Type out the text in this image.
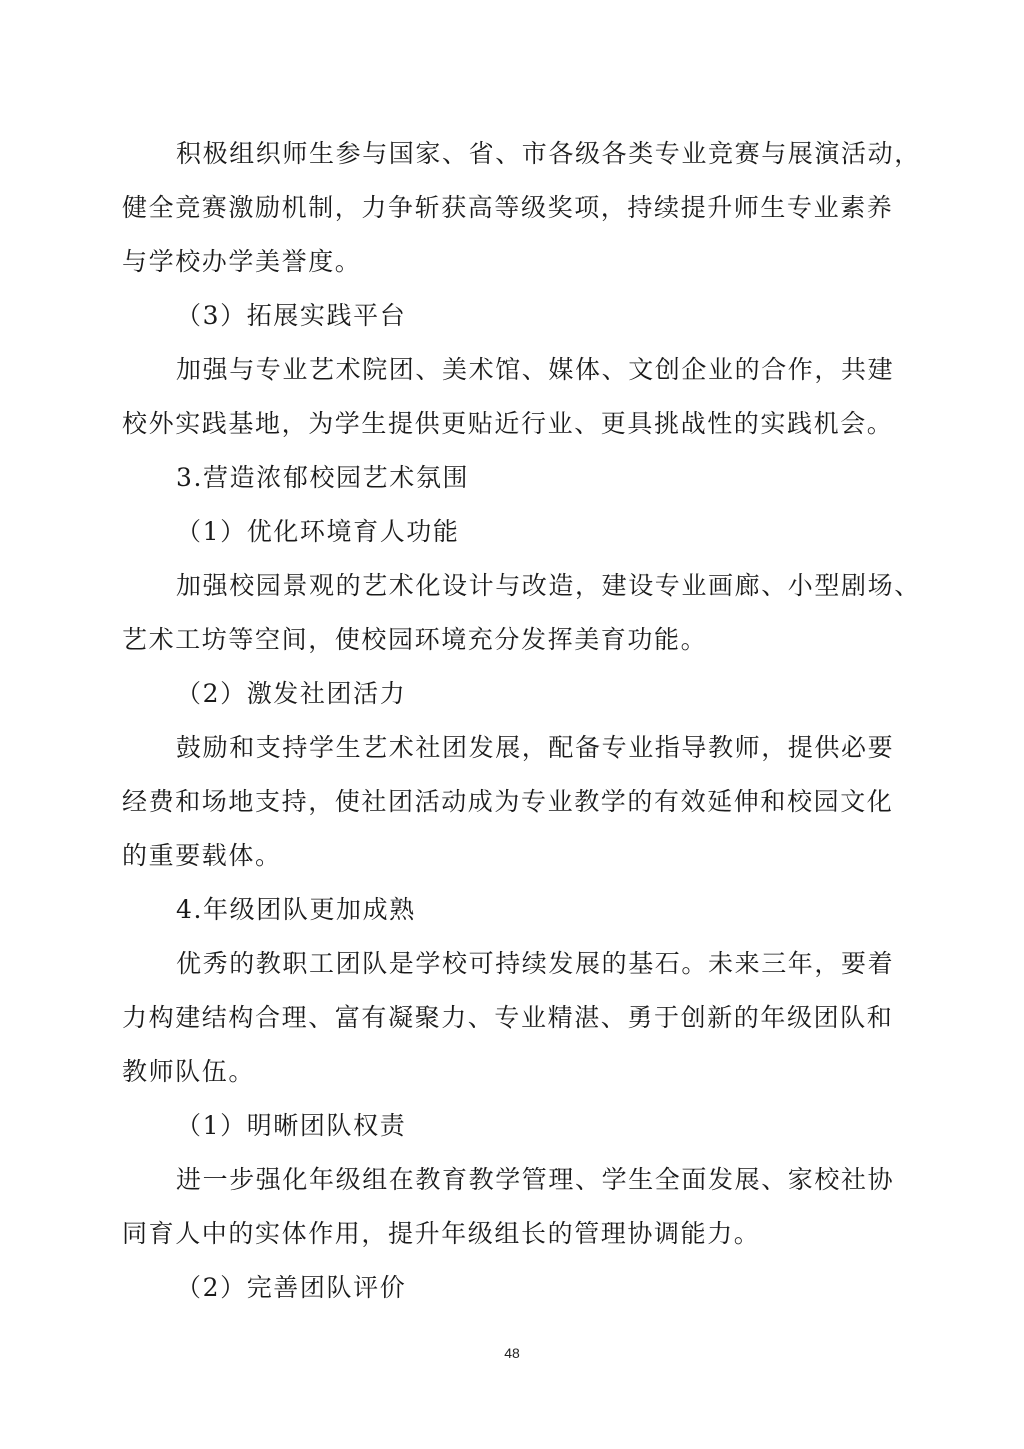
积极组织师生参与国家、省、市各级各类专业竞赛与展演活动，
健全竞赛激励机制，力争斩获高等级奖项，持续提升师生专业素养
与学校办学美誉度。
（3）拓展实践平台
加强与专业艺术院团、美术馆、媒体、文创企业的合作，共建
校外实践基地，为学生提供更贴近行业、更具挑战性的实践机会。
3.营造浓郁校园艺术氛围
（1）优化环境育人功能
加强校园景观的艺术化设计与改造，建设专业画廊、小型剧场、
艺术工坊等空间，使校园环境充分发挥美育功能。
（2）激发社团活力
鼓励和支持学生艺术社团发展，配备专业指导教师，提供必要
经费和场地支持，使社团活动成为专业教学的有效延伸和校园文化
的重要载体。
4.年级团队更加成熟
优秀的教职工团队是学校可持续发展的基石。未来三年，要着
力构建结构合理、富有凝聚力、专业精湛、勇于创新的年级团队和
教师队伍。
（1）明晰团队权责
进一步强化年级组在教育教学管理、学生全面发展、家校社协
同育人中的实体作用，提升年级组长的管理协调能力。
（2）完善团队评价
48
